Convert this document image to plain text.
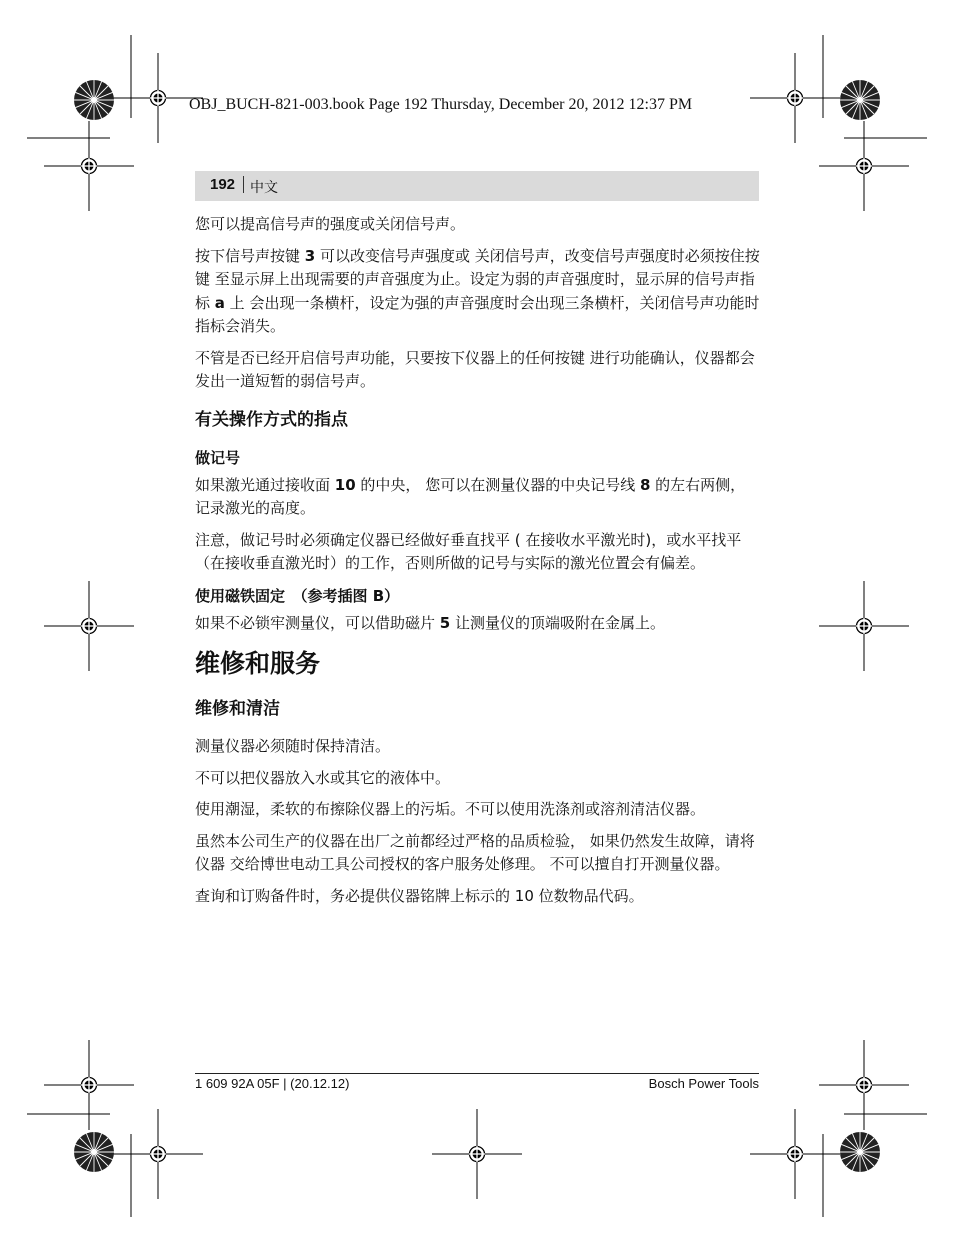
OBJ_BUCH-821-003.book Page 192 Thursday, December 20, 2012 12:37 PM
192 中文

您可以提高信号声的强度或关闭信号声。

按下信号声按键 3 可以改变信号声强度或 关闭信号声，改变信号声强度时必须按住按键 至显示屏上出现需要的声音强度为止。设定为弱的声音强度时，显示屏的信号声指标 a 上 会出现一条横杆，设定为强的声音强度时会出现三条横杆，关闭信号声功能时指标会消失。

不管是否已经开启信号声功能，只要按下仪器上的任何按键 进行功能确认，仪器都会发出一道短暂的弱信号声。

有关操作方式的指点
做记号

如果激光通过接收面 10 的中央， 您可以在测量仪器的中央记号线 8 的左右两侧，记录激光的高度。

注意，做记号时必须确定仪器已经做好垂直找平 ( 在接收水平激光时)，或水平找平 （在接收垂直激光时）的工作，否则所做的记号与实际的激光位置会有偏差。

使用磁铁固定　（参考插图 B）

如果不必锁牢测量仪，可以借助磁片 5 让测量仪的顶端吸附在金属上。

维修和服务
维修和清洁

测量仪器必须随时保持清洁。

不可以把仪器放入水或其它的液体中。

使用潮湿，柔软的布擦除仪器上的污垢。不可以使用洗涤剂或溶剂清洁仪器。

虽然本公司生产的仪器在出厂之前都经过严格的品质检验， 如果仍然发生故障，请将仪器 交给博世电动工具公司授权的客户服务处修理。 不可以擅自打开测量仪器。

查询和订购备件时，务必提供仪器铭牌上标示的 10 位数物品代码。

1 609 92A 05F | (20.12.12)	Bosch Power Tools
